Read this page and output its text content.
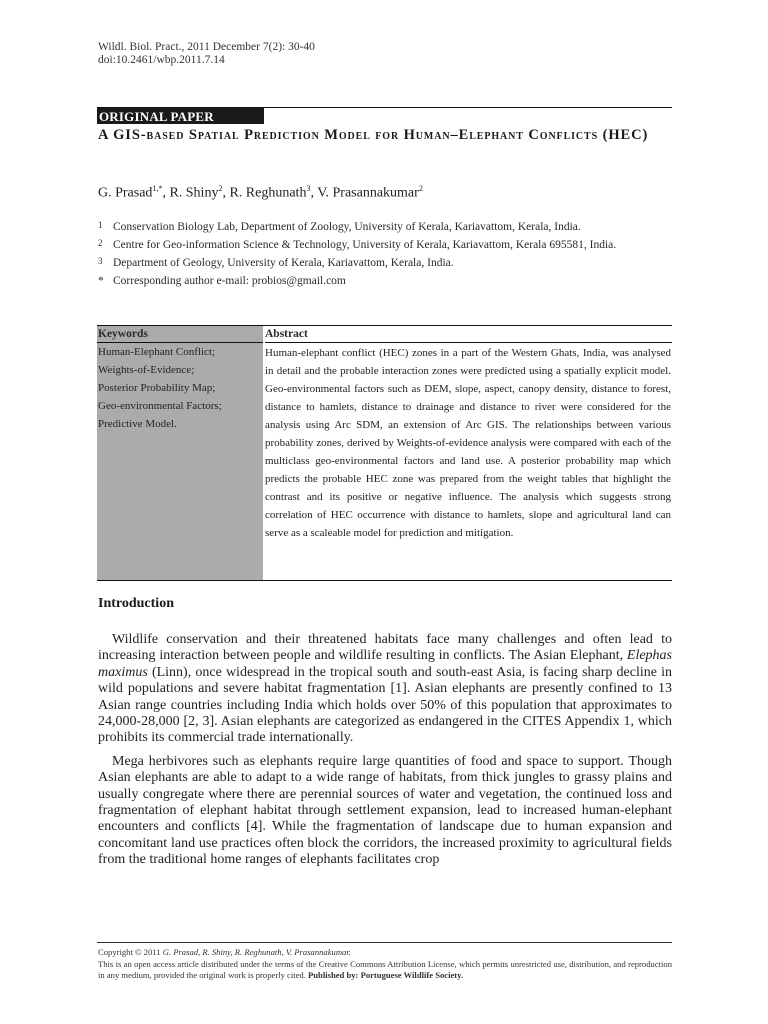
Wildl. Biol. Pract., 2011 December 7(2): 30-40
doi:10.2461/wbp.2011.7.14
ORIGINAL PAPER
A GIS-based Spatial Prediction Model for Human–Elephant Conflicts (HEC)
G. Prasad$^{1,*}$, R. Shiny$^2$, R. Reghunath$^3$, V. Prasannakumar$^2$
1 Conservation Biology Lab, Department of Zoology, University of Kerala, Kariavattom, Kerala, India.
2 Centre for Geo-information Science & Technology, University of Kerala, Kariavattom, Kerala 695581, India.
3 Department of Geology, University of Kerala, Kariavattom, Kerala, India.
* Corresponding author e-mail: probios@gmail.com
Keywords
Human-Elephant Conflict;
Weights-of-Evidence;
Posterior Probability Map;
Geo-environmental Factors;
Predictive Model.
Abstract
Human-elephant conflict (HEC) zones in a part of the Western Ghats, India, was analysed in detail and the probable interaction zones were predicted using a spatially explicit model. Geo-environmental factors such as DEM, slope, aspect, canopy density, distance to forest, distance to hamlets, distance to drainage and distance to river were considered for the analysis using Arc SDM, an extension of Arc GIS. The relationships between various probability zones, derived by Weights-of-evidence analysis were compared with each of the multiclass geo-environmental factors and land use. A posterior probability map which predicts the probable HEC zone was prepared from the weight tables that highlight the contrast and its positive or negative influence. The analysis which suggests strong correlation of HEC occurrence with distance to hamlets, slope and agricultural land can serve as a scaleable model for prediction and mitigation.
Introduction

Wildlife conservation and their threatened habitats face many challenges and often lead to increasing interaction between people and wildlife resulting in conflicts. The Asian Elephant, Elephas maximus (Linn), once widespread in the tropical south and south-east Asia, is facing sharp decline in wild populations and severe habitat fragmentation [1]. Asian elephants are presently confined to 13 Asian range countries including India which holds over 50% of this population that approximates to 24,000-28,000 [2, 3]. Asian elephants are categorized as endangered in the CITES Appendix 1, which prohibits its commercial trade internationally.

Mega herbivores such as elephants require large quantities of food and space to support. Though Asian elephants are able to adapt to a wide range of habitats, from thick jungles to grassy plains and usually congregate where there are perennial sources of water and vegetation, the continued loss and fragmentation of elephant habitat through settlement expansion, lead to increased human-elephant encounters and conflicts [4]. While the fragmentation of landscape due to human expansion and concomitant land use practices often block the corridors, the increased proximity to agricultural fields from the traditional home ranges of elephants facilitates crop

Copyright © 2011 G. Prasad, R. Shiny, R. Reghunath, V. Prasannakumar.
This is an open access article distributed under the terms of the Creative Commons Attribution License, which permits unrestricted use, distribution, and reproduction in any medium, provided the original work is properly cited. Published by: Portuguese Wildlife Society.
